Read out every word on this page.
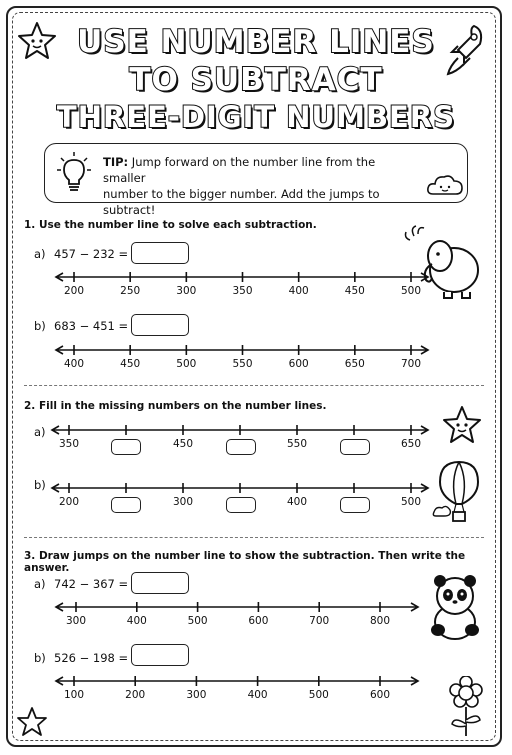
USE NUMBER LINES
TO SUBTRACT
THREE-DIGIT NUMBERS
TIP: Jump forward on the number line from the smaller
number to the bigger number. Add the jumps to subtract!
1. Use the number line to solve each subtraction.
a) 457 − 232 =
b) 683 − 451 =
2. Fill in the missing numbers on the number lines.
a)
b)
3. Draw jumps on the number line to show the subtraction. Then write the answer.
a) 742 − 367 =
b) 526 − 198 =
200	250	300	350	400	450	500
400	450	500	550	600	650	700
350	450	550	650
200	300	400	500
300	400	500	600	700	800
100	200	300	400	500	600
